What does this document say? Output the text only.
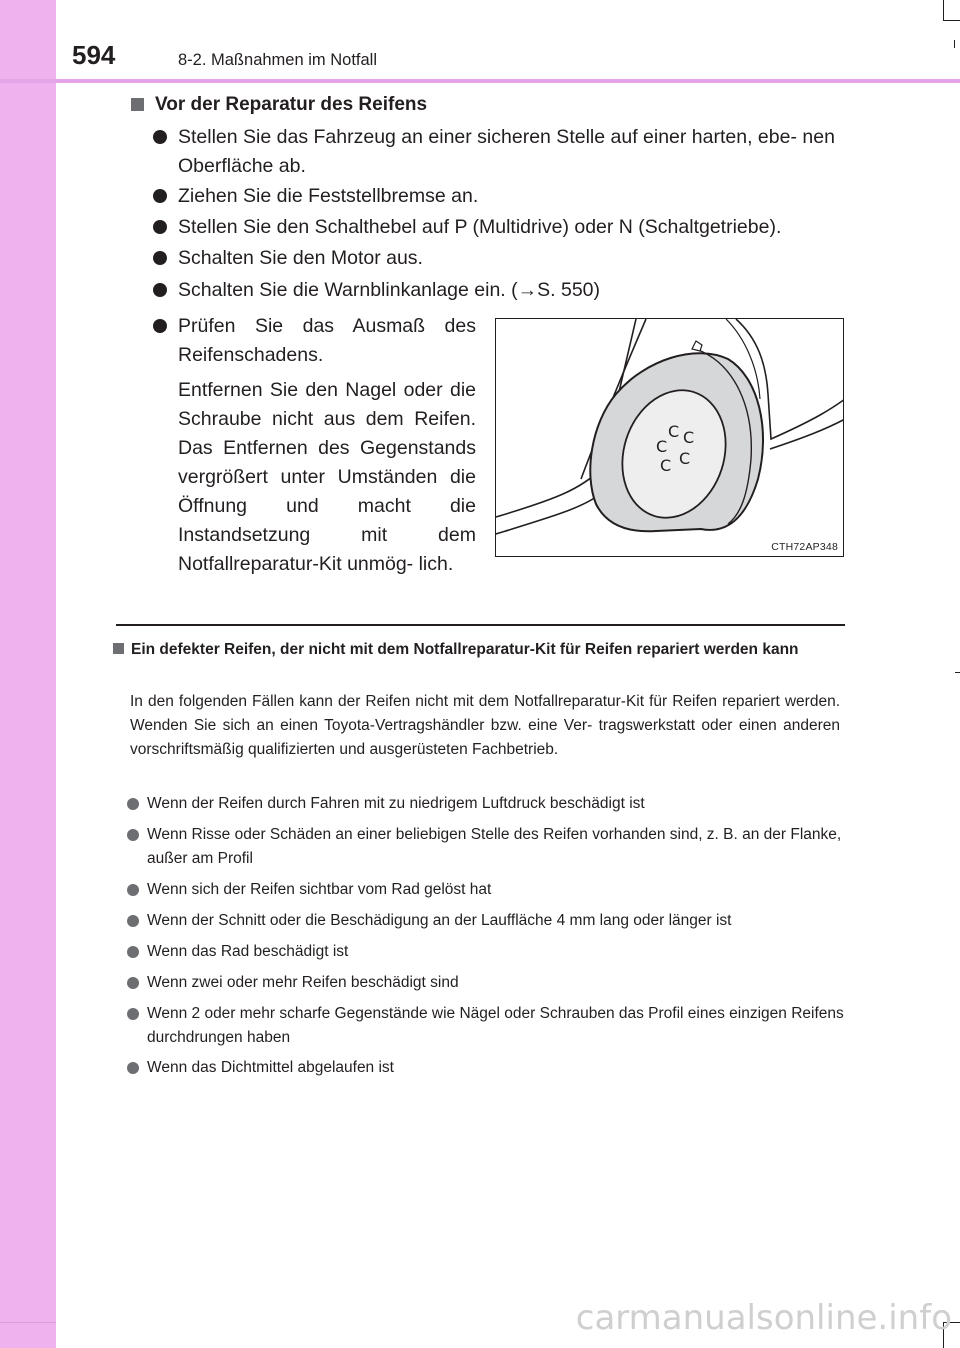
594	8-2. Maßnahmen im Notfall
Vor der Reparatur des Reifens
Stellen Sie das Fahrzeug an einer sicheren Stelle auf einer harten, ebe- nen Oberfläche ab.
Ziehen Sie die Feststellbremse an.
Stellen Sie den Schalthebel auf P (Multidrive) oder N (Schaltgetriebe).
Schalten Sie den Motor aus.
Schalten Sie die Warnblinkanlage ein. (→S. 550)
Prüfen Sie das Ausmaß des Reifenschadens.
Entfernen Sie den Nagel oder die Schraube nicht aus dem Reifen. Das Entfernen des Gegenstands vergrößert unter Umständen die Öffnung und macht die Instandsetzung mit dem Notfallreparatur-Kit unmög- lich.
C C
C
C C
CTH72AP348
Ein defekter Reifen, der nicht mit dem Notfallreparatur-Kit für Reifen repariert werden kann
In den folgenden Fällen kann der Reifen nicht mit dem Notfallreparatur-Kit für Reifen repariert werden. Wenden Sie sich an einen Toyota-Vertragshändler bzw. eine Ver- tragswerkstatt oder einen anderen vorschriftsmäßig qualifizierten und ausgerüsteten Fachbetrieb.
Wenn der Reifen durch Fahren mit zu niedrigem Luftdruck beschädigt ist
Wenn Risse oder Schäden an einer beliebigen Stelle des Reifen vorhanden sind, z. B. an der Flanke, außer am Profil
Wenn sich der Reifen sichtbar vom Rad gelöst hat
Wenn der Schnitt oder die Beschädigung an der Lauffläche 4 mm lang oder länger ist
Wenn das Rad beschädigt ist
Wenn zwei oder mehr Reifen beschädigt sind
Wenn 2 oder mehr scharfe Gegenstände wie Nägel oder Schrauben das Profil eines einzigen Reifens durchdrungen haben
Wenn das Dichtmittel abgelaufen ist
carmanualsonline.info
